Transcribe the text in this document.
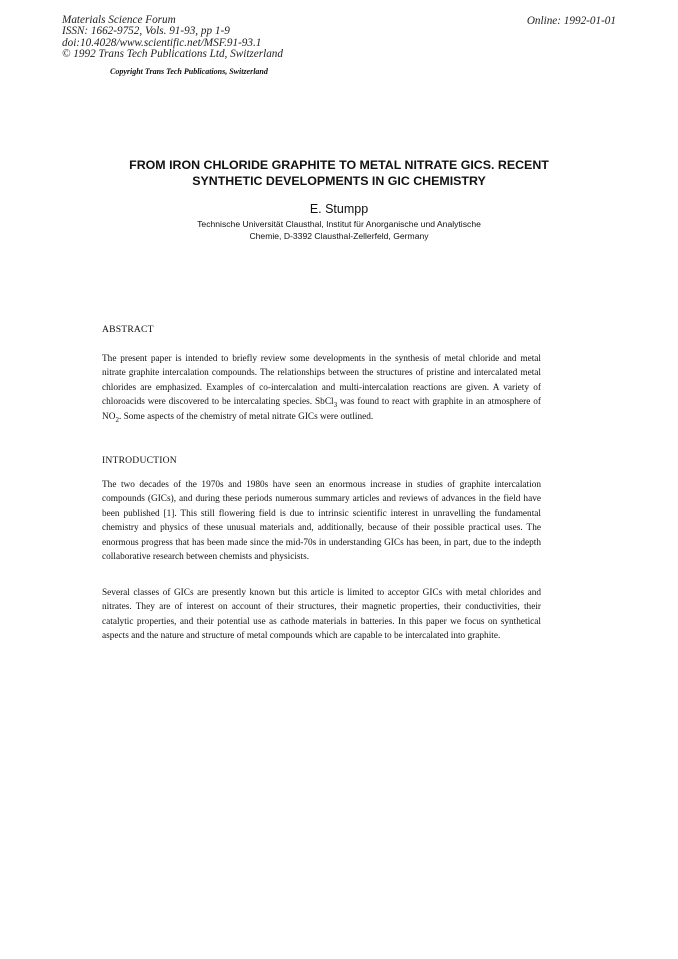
Materials Science Forum
ISSN: 1662-9752, Vols. 91-93, pp 1-9
doi:10.4028/www.scientific.net/MSF.91-93.1
© 1992 Trans Tech Publications Ltd, Switzerland
Online: 1992-01-01
Copyright Trans Tech Publications, Switzerland
FROM IRON CHLORIDE GRAPHITE TO METAL NITRATE GICS. RECENT
SYNTHETIC DEVELOPMENTS IN GIC CHEMISTRY
E. Stumpp
Technische Universität Clausthal, Institut für Anorganische und Analytische
Chemie, D-3392 Clausthal-Zellerfeld, Germany
ABSTRACT
The present paper is intended to briefly review some developments in the synthesis of metal chloride and metal nitrate graphite intercalation compounds. The relationships between the structures of pristine and intercalated metal chlorides are emphasized. Examples of co-intercalation and multi-intercalation reactions are given. A variety of chloroacids were discovered to be intercalating species. SbCl$_3$ was found to react with graphite in an atmosphere of $NO_2$. Some aspects of the chemistry of metal nitrate GICs were outlined.
INTRODUCTION
The two decades of the 1970s and 1980s have seen an enormous increase in studies of graphite intercalation compounds (GICs), and during these periods numerous summary articles and reviews of advances in the field have been published [1]. This still flowering field is due to intrinsic scientific interest in unravelling the fundamental chemistry and physics of these unusual materials and, additionally, because of their possible practical uses. The enormous progress that has been made since the mid-70s in understanding GICs has been, in part, due to the indepth collaborative research between chemists and physicists.
Several classes of GICs are presently known but this article is limited to acceptor GICs with metal chlorides and nitrates. They are of interest on account of their structures, their magnetic properties, their conductivities, their catalytic properties, and their potential use as cathode materials in batteries. In this paper we focus on synthetical aspects and the nature and structure of metal compounds which are capable to be intercalated into graphite.
